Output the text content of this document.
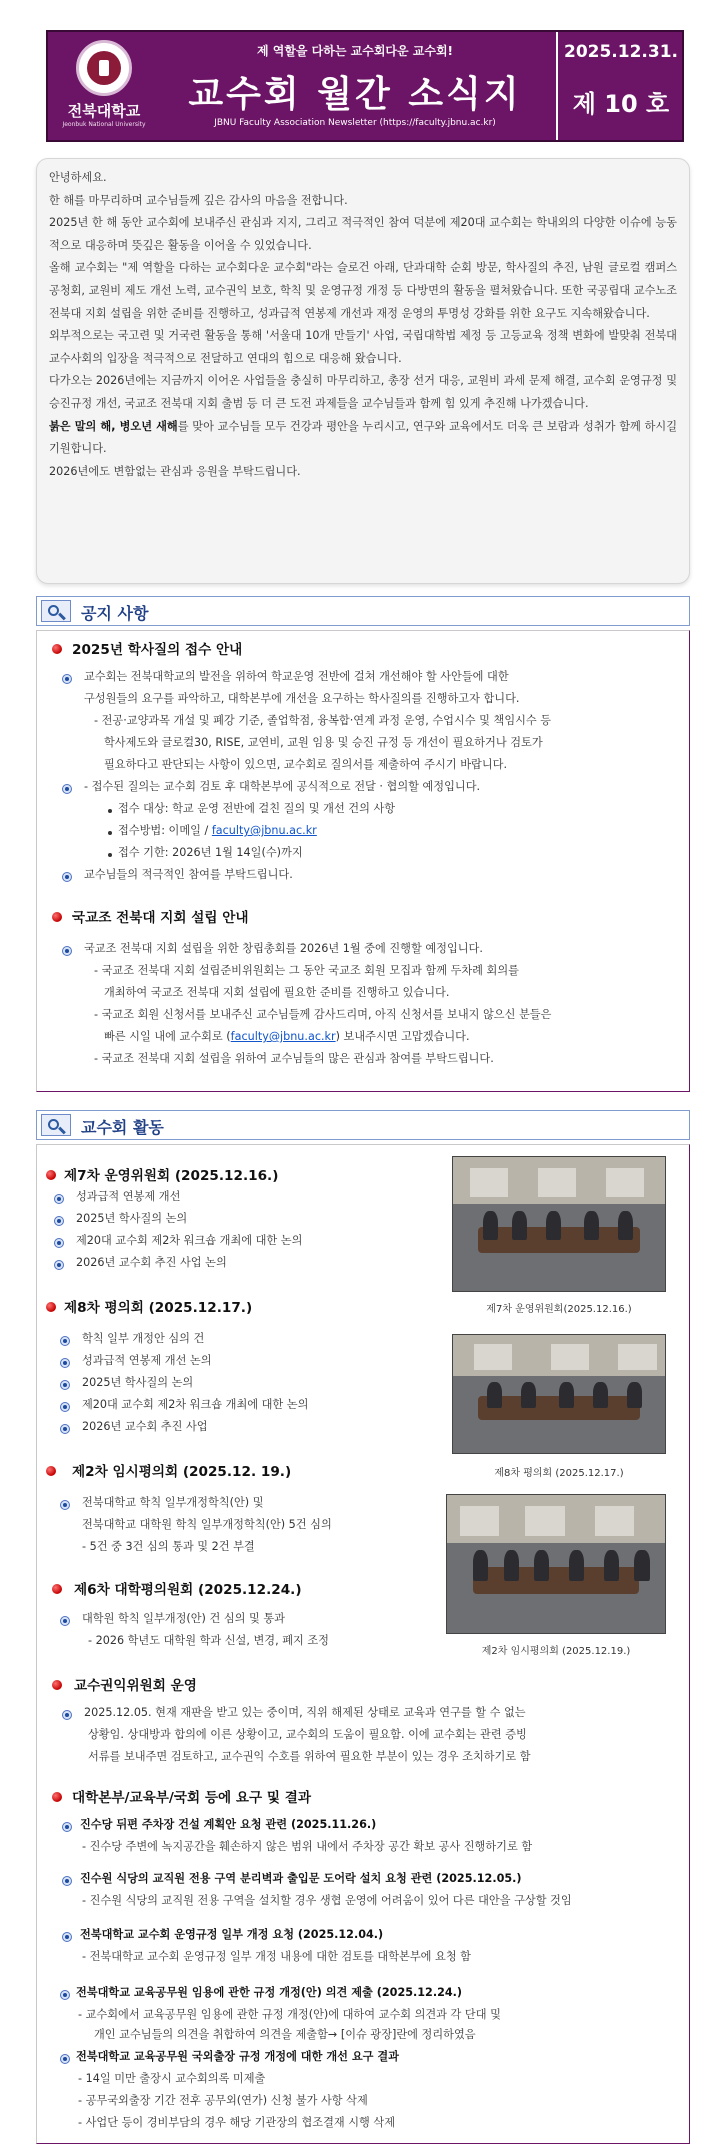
전북대학교
Jeonbuk National University
제 역할을 다하는 교수회다운 교수회!
교수회 월간 소식지
JBNU Faculty Association Newsletter (https://faculty.jbnu.ac.kr)
2025.12.31.
제 10 호

안녕하세요.

한 해를 마무리하며 교수님들께 깊은 감사의 마음을 전합니다.

2025년 한 해 동안 교수회에 보내주신 관심과 지지, 그리고 적극적인 참여 덕분에 제20대 교수회는 학내외의 다양한 이슈에 능동적으로 대응하며 뜻깊은 활동을 이어올 수 있었습니다.

올해 교수회는 "제 역할을 다하는 교수회다운 교수회"라는 슬로건 아래, 단과대학 순회 방문, 학사질의 추진, 남원 글로컬 캠퍼스 공청회, 교원비 제도 개선 노력, 교수권익 보호, 학칙 및 운영규정 개정 등 다방면의 활동을 펼쳐왔습니다. 또한 국공립대 교수노조 전북대 지회 설립을 위한 준비를 진행하고, 성과급적 연봉제 개선과 재정 운영의 투명성 강화를 위한 요구도 지속해왔습니다.

외부적으로는 국고련 및 거국련 활동을 통해 '서울대 10개 만들기' 사업, 국립대학법 제정 등 고등교육 정책 변화에 발맞춰 전북대 교수사회의 입장을 적극적으로 전달하고 연대의 힘으로 대응해 왔습니다.

다가오는 2026년에는 지금까지 이어온 사업들을 충실히 마무리하고, 총장 선거 대응, 교원비 과세 문제 해결, 교수회 운영규정 및 승진규정 개선, 국교조 전북대 지회 출범 등 더 큰 도전 과제들을 교수님들과 함께 힘 있게 추진해 나가겠습니다.

붉은 말의 해, 병오년 새해를 맞아 교수님들 모두 건강과 평안을 누리시고, 연구와 교육에서도 더욱 큰 보람과 성취가 함께 하시길 기원합니다.

2026년에도 변함없는 관심과 응원을 부탁드립니다.

공지 사항
2025년 학사질의 접수 안내
교수회는 전북대학교의 발전을 위하여 학교운영 전반에 걸쳐 개선해야 할 사안들에 대한
구성원들의 요구를 파악하고, 대학본부에 개선을 요구하는 학사질의를 진행하고자 합니다.
- 전공·교양과목 개설 및 폐강 기준, 졸업학점, 융복합·연계 과정 운영, 수업시수 및 책임시수 등
학사제도와 글로컬30, RISE, 교연비, 교원 임용 및 승진 규정 등 개선이 필요하거나 검토가
필요하다고 판단되는 사항이 있으면, 교수회로 질의서를 제출하여 주시기 바랍니다.
- 접수된 질의는 교수회 검토 후 대학본부에 공식적으로 전달 · 협의할 예정입니다.
접수 대상: 학교 운영 전반에 걸친 질의 및 개선 건의 사항
접수방법: 이메일 / faculty@jbnu.ac.kr
접수 기한: 2026년 1월 14일(수)까지
교수님들의 적극적인 참여를 부탁드립니다.
국교조 전북대 지회 설립 안내
국교조 전북대 지회 설립을 위한 창립총회를 2026년 1월 중에 진행할 예정입니다.
- 국교조 전북대 지회 설립준비위원회는 그 동안 국교조 회원 모집과 함께 두차례 회의를
개최하여 국교조 전북대 지회 설립에 필요한 준비를 진행하고 있습니다.
- 국교조 회원 신청서를 보내주신 교수님들께 감사드리며, 아직 신청서를 보내지 않으신 분들은
빠른 시일 내에 교수회로 (faculty@jbnu.ac.kr) 보내주시면 고맙겠습니다.
- 국교조 전북대 지회 설립을 위하여 교수님들의 많은 관심과 참여를 부탁드립니다.
교수회 활동
제7차 운영위원회 (2025.12.16.)
성과급적 연봉제 개선
2025년 학사질의 논의
제20대 교수회 제2차 워크숍 개최에 대한 논의
2026년 교수회 추진 사업 논의
제8차 평의회 (2025.12.17.)
학칙 일부 개정안 심의 건
성과급적 연봉제 개선 논의
2025년 학사질의 논의
제20대 교수회 제2차 워크숍 개최에 대한 논의
2026년 교수회 추진 사업
제2차 임시평의회 (2025.12. 19.)
전북대학교 학칙 일부개정학칙(안) 및
전북대학교 대학원 학칙 일부개정학칙(안) 5건 심의
- 5건 중 3건 심의 통과 및 2건 부결
제6차 대학평의원회 (2025.12.24.)
대학원 학칙 일부개정(안) 건 심의 및 통과
- 2026 학년도 대학원 학과 신설, 변경, 폐지 조정
제7차 운영위원회(2025.12.16.)
제8차 평의회 (2025.12.17.)
제2차 임시평의회 (2025.12.19.)
교수권익위원회 운영
2025.12.05. 현재 재판을 받고 있는 중이며, 직위 해제된 상태로 교육과 연구를 할 수 없는
상황임. 상대방과 합의에 이른 상황이고, 교수회의 도움이 필요함. 이에 교수회는 관련 증빙
서류를 보내주면 검토하고, 교수권익 수호를 위하여 필요한 부분이 있는 경우 조치하기로 함
대학본부/교육부/국회 등에 요구 및 결과
진수당 뒤편 주차장 건설 계획안 요청 관련 (2025.11.26.)
- 진수당 주변에 녹지공간을 훼손하지 않은 범위 내에서 주차장 공간 확보 공사 진행하기로 함
진수원 식당의 교직원 전용 구역 분리벽과 출입문 도어락 설치 요청 관련 (2025.12.05.)
- 진수원 식당의 교직원 전용 구역을 설치할 경우 생협 운영에 어려움이 있어 다른 대안을 구상할 것임
전북대학교 교수회 운영규정 일부 개정 요청 (2025.12.04.)
- 전북대학교 교수회 운영규정 일부 개정 내용에 대한 검토를 대학본부에 요청 함
전북대학교 교육공무원 임용에 관한 규정 개정(안) 의견 제출 (2025.12.24.)
- 교수회에서 교육공무원 임용에 관한 규정 개정(안)에 대하여 교수회 의견과 각 단대 및
개인 교수님들의 의견을 취합하여 의견을 제출함→ [이슈 광장]란에 정리하였음
전북대학교 교육공무원 국외출장 규정 개정에 대한 개선 요구 결과
- 14일 미만 출장시 교수회의록 미제출
- 공무국외출장 기간 전후 공무외(연가) 신청 불가 사항 삭제
- 사업단 등이 경비부담의 경우 해당 기관장의 협조결재 시행 삭제
